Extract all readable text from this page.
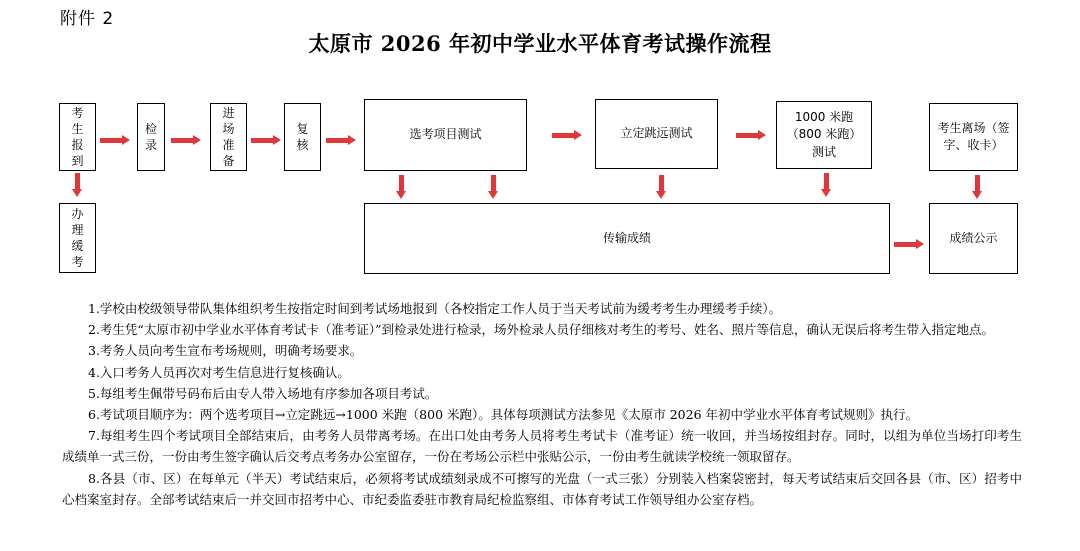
附件 2
太原市 2026 年初中学业水平体育考试操作流程
考生报到
办理缓考
检录
进场准备
复核
选考项目测试	立定跳远测试
1000 米跑
（800 米跑）
测试
考生离场（签字、收卡）
传输成绩	成绩公示

1.学校由校级领导带队集体组织考生按指定时间到考试场地报到（各校指定工作人员于当天考试前为缓考考生办理缓考手续）。

2.考生凭“太原市初中学业水平体育考试卡（准考证）”到检录处进行检录，场外检录人员仔细核对考生的考号、姓名、照片等信息，确认无误后将考生带入指定地点。

3.考务人员向考生宣布考场规则，明确考场要求。

4.入口考务人员再次对考生信息进行复核确认。

5.每组考生佩带号码布后由专人带入场地有序参加各项目考试。

6.考试项目顺序为：两个选考项目→立定跳远→1000 米跑（800 米跑）。具体每项测试方法参见《太原市 2026 年初中学业水平体育考试规则》执行。

7.每组考生四个考试项目全部结束后，由考务人员带离考场。在出口处由考务人员将考生考试卡（准考证）统一收回，并当场按组封存。同时，以组为单位当场打印考生成绩单一式三份，一份由考生签字确认后交考点考务办公室留存，一份在考场公示栏中张贴公示，一份由考生就读学校统一领取留存。

8.各县（市、区）在每单元（半天）考试结束后，必须将考试成绩刻录成不可擦写的光盘（一式三张）分别装入档案袋密封，每天考试结束后交回各县（市、区）招考中心档案室封存。全部考试结束后一并交回市招考中心、市纪委监委驻市教育局纪检监察组、市体育考试工作领导组办公室存档。
